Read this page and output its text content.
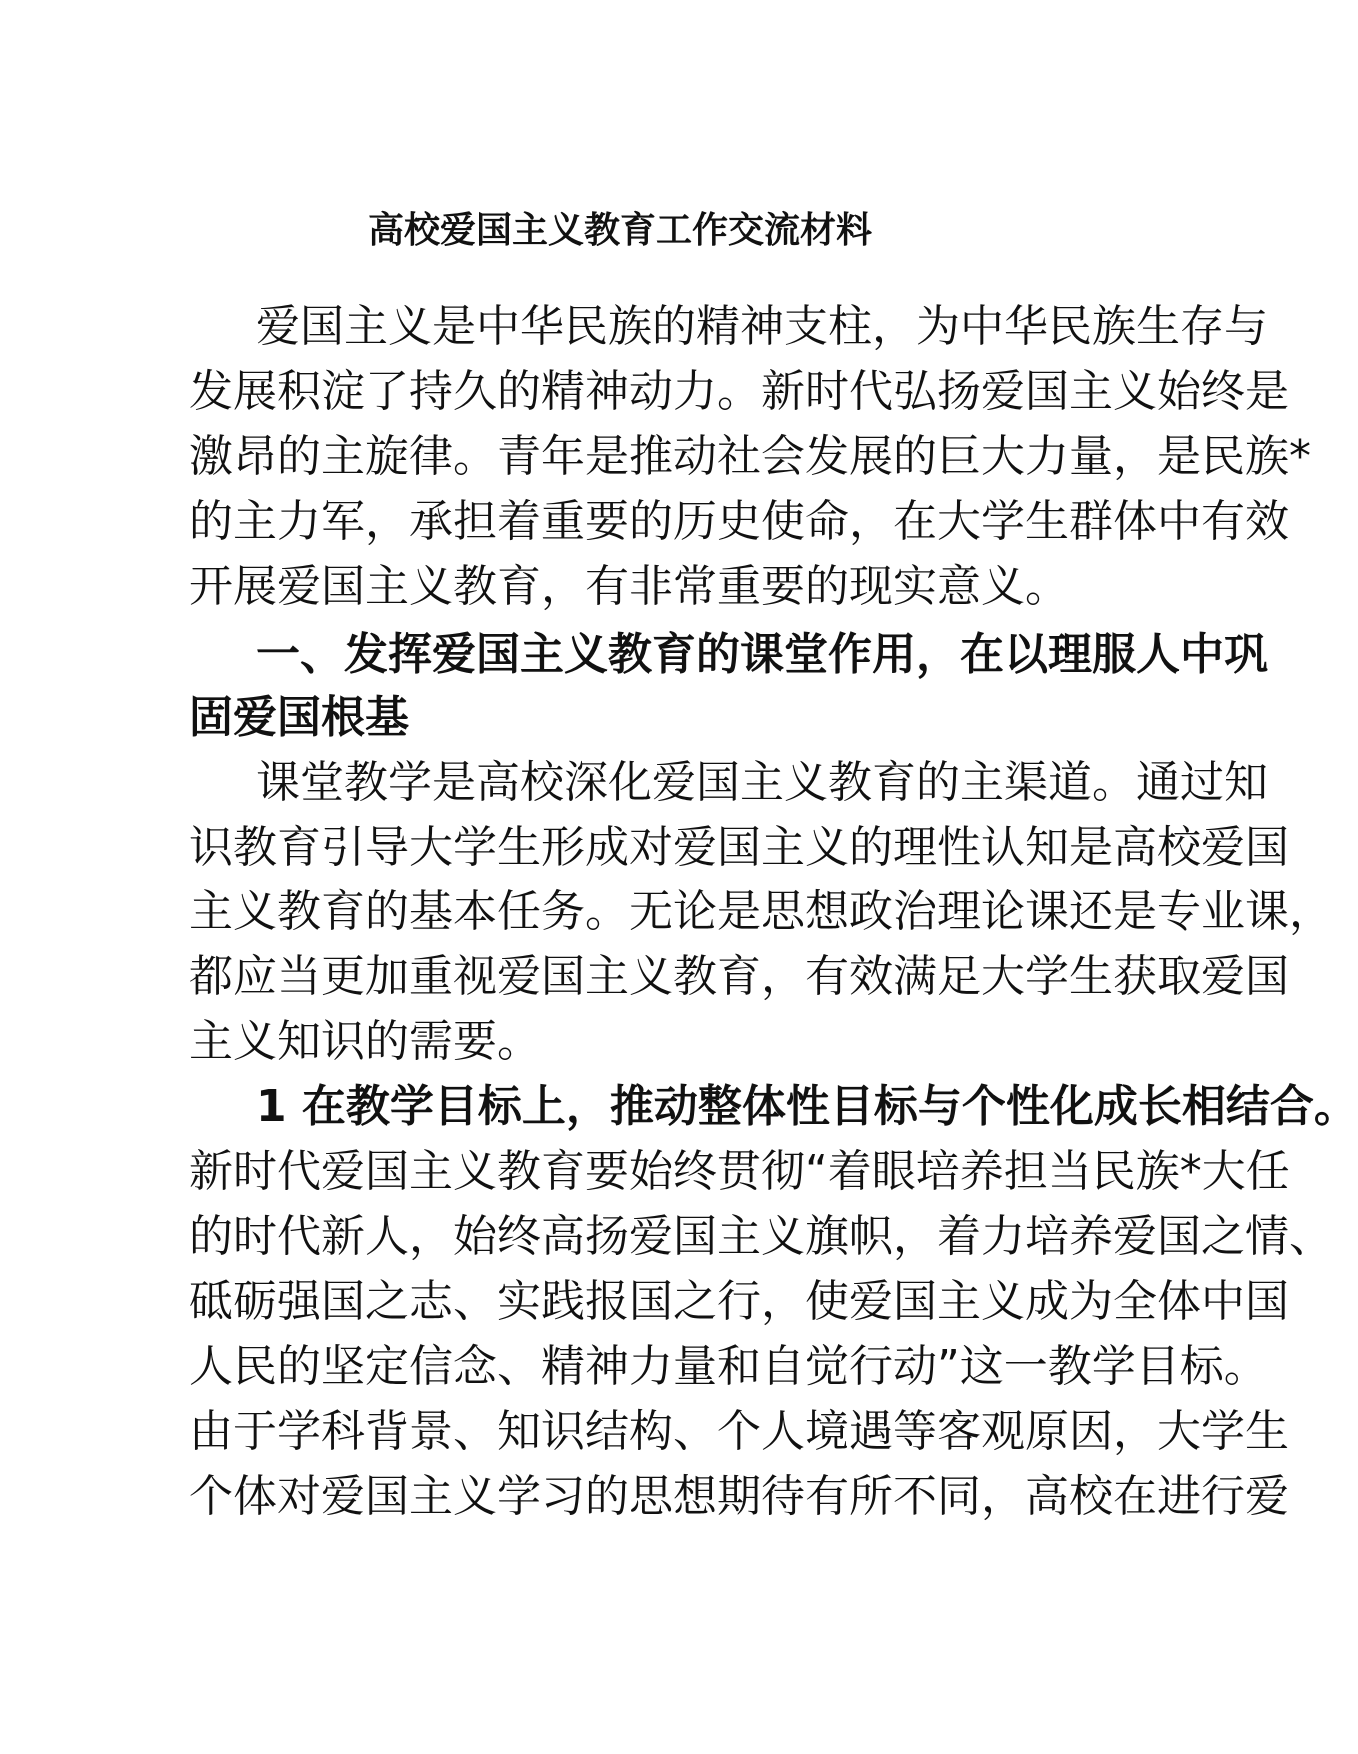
高校爱国主义教育工作交流材料
爱国主义是中华民族的精神支柱，为中华民族生存与
发展积淀了持久的精神动力。新时代弘扬爱国主义始终是
激昂的主旋律。青年是推动社会发展的巨大力量，是民族*
的主力军，承担着重要的历史使命，在大学生群体中有效
开展爱国主义教育，有非常重要的现实意义。
一、发挥爱国主义教育的课堂作用，在以理服人中巩
固爱国根基
课堂教学是高校深化爱国主义教育的主渠道。通过知
识教育引导大学生形成对爱国主义的理性认知是高校爱国
主义教育的基本任务。无论是思想政治理论课还是专业课，
都应当更加重视爱国主义教育，有效满足大学生获取爱国
主义知识的需要。
1 在教学目标上，推动整体性目标与个性化成长相结合。
新时代爱国主义教育要始终贯彻“着眼培养担当民族*大任
的时代新人，始终高扬爱国主义旗帜，着力培养爱国之情、
砥砺强国之志、实践报国之行，使爱国主义成为全体中国
人民的坚定信念、精神力量和自觉行动”这一教学目标。
由于学科背景、知识结构、个人境遇等客观原因，大学生
个体对爱国主义学习的思想期待有所不同，高校在进行爱
